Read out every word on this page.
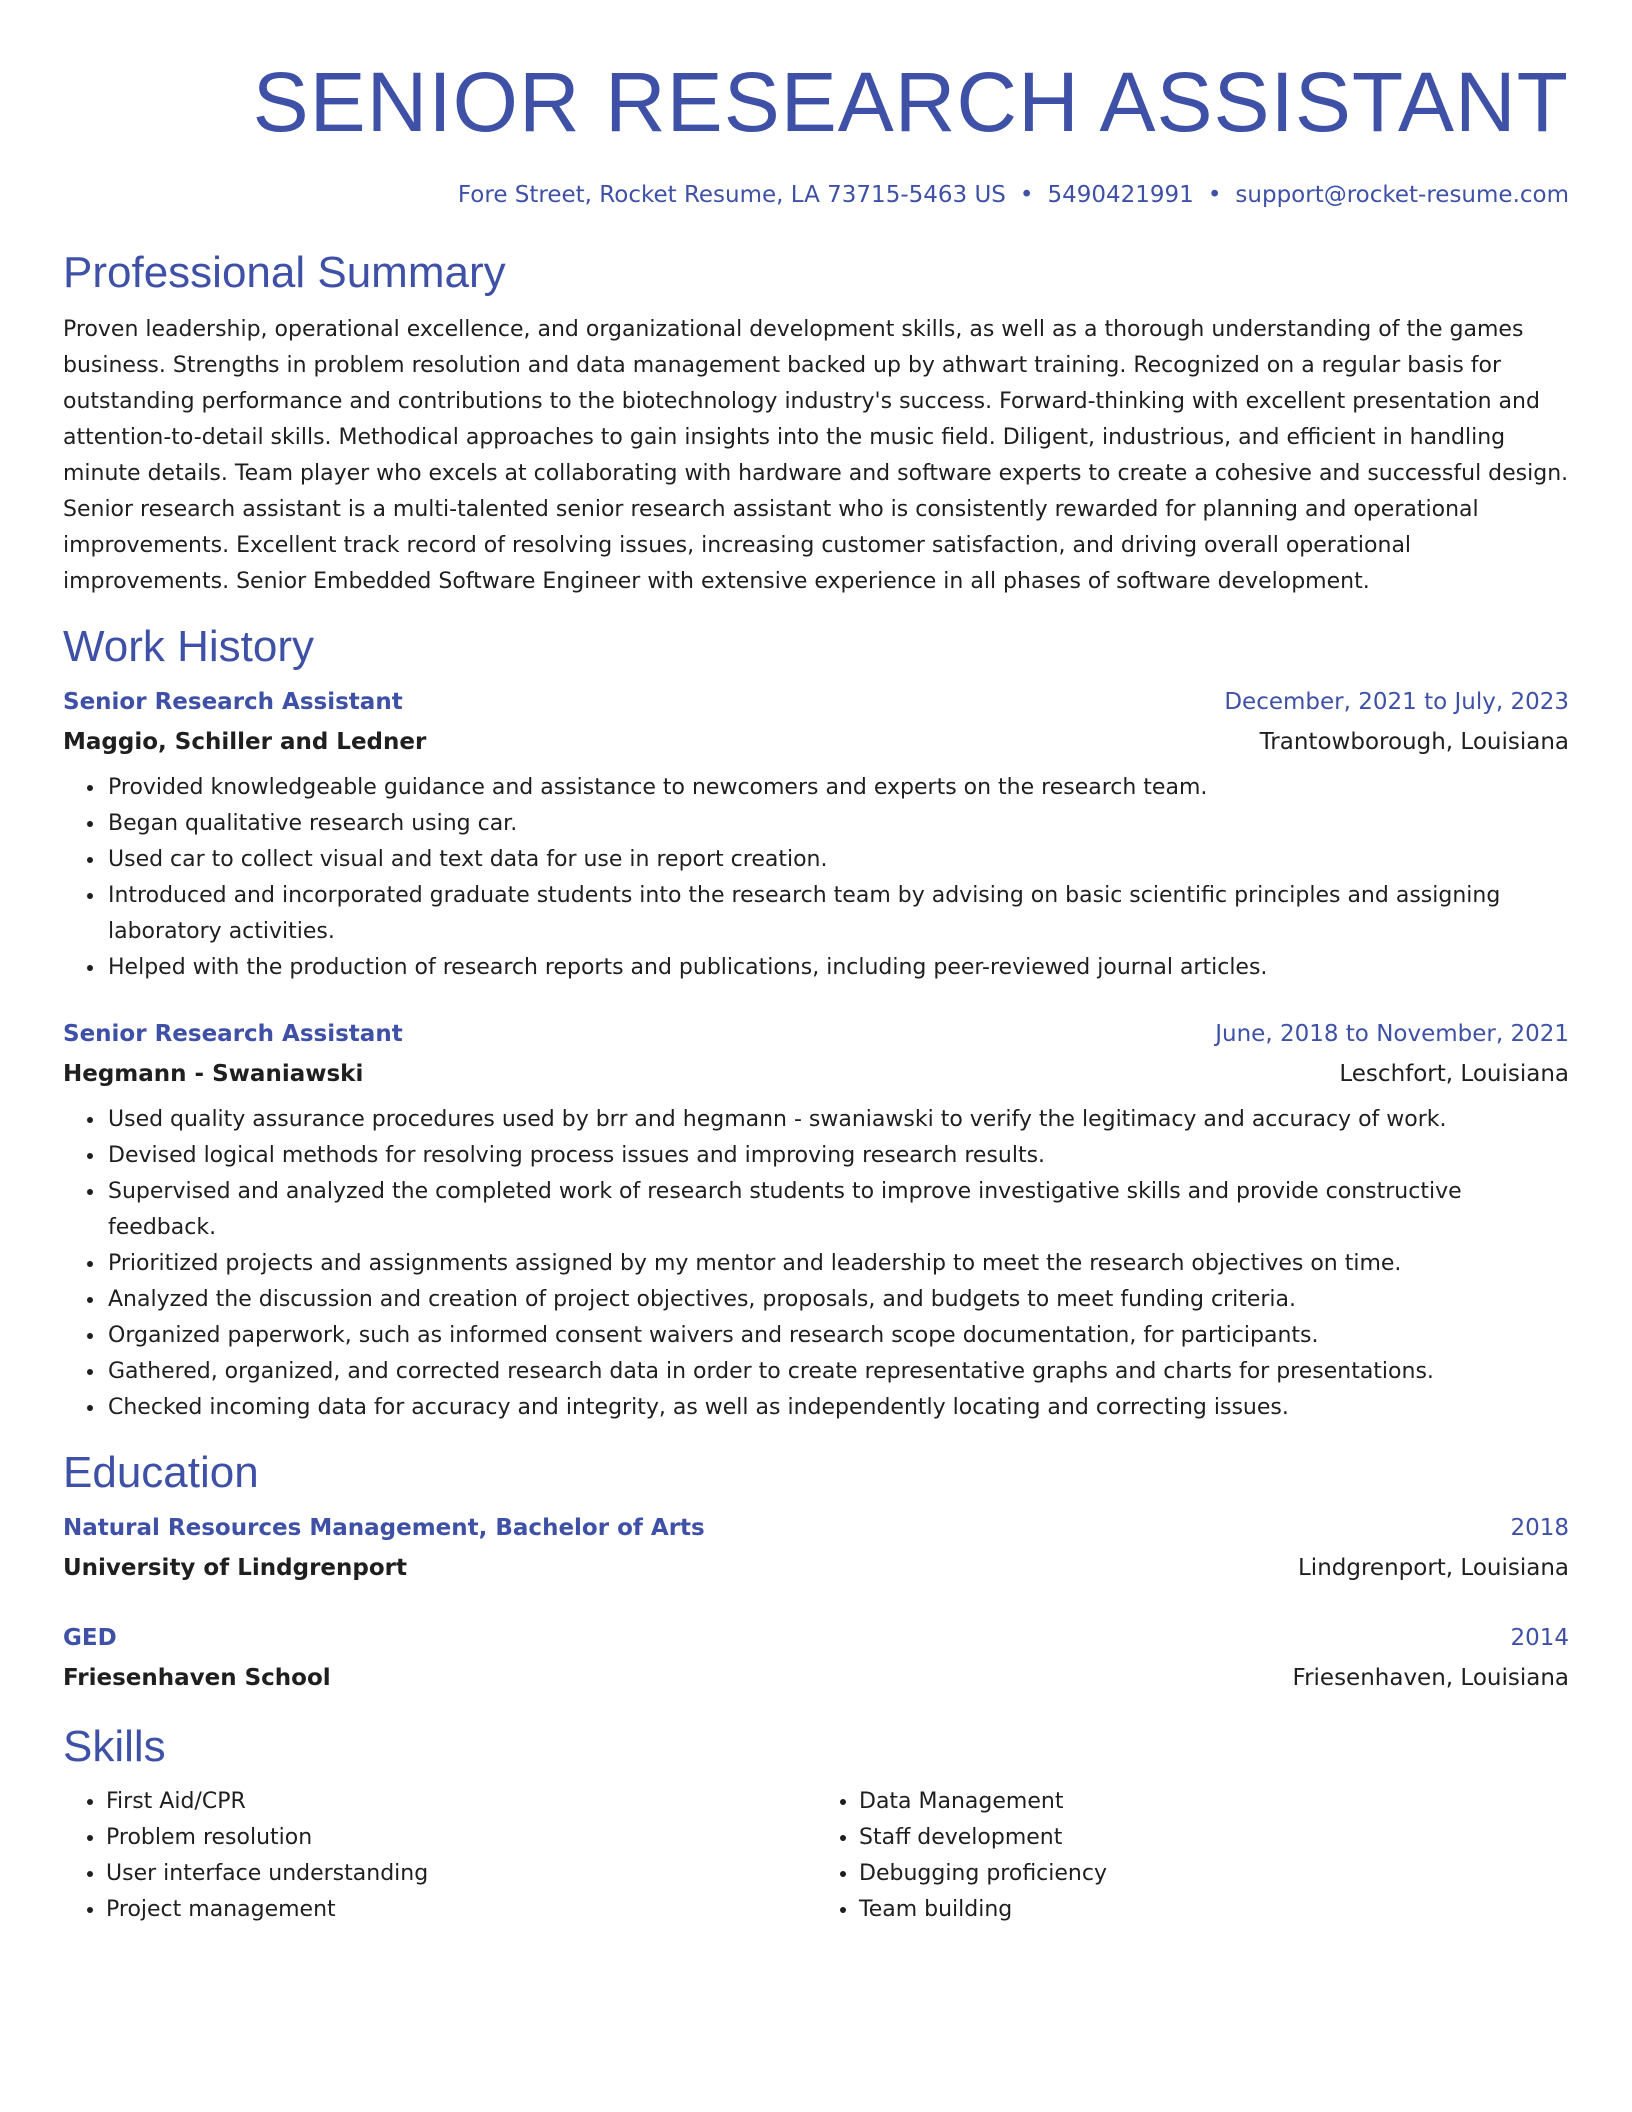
SENIOR RESEARCH ASSISTANT
Fore Street, Rocket Resume, LA 73715-5463 US • 5490421991 • support@rocket-resume.com
Professional Summary
Proven leadership, operational excellence, and organizational development skills, as well as a thorough understanding of the games business. Strengths in problem resolution and data management backed up by athwart training. Recognized on a regular basis for outstanding performance and contributions to the biotechnology industry's success. Forward-thinking with excellent presentation and attention-to-detail skills. Methodical approaches to gain insights into the music field. Diligent, industrious, and efficient in handling minute details. Team player who excels at collaborating with hardware and software experts to create a cohesive and successful design. Senior research assistant is a multi-talented senior research assistant who is consistently rewarded for planning and operational improvements. Excellent track record of resolving issues, increasing customer satisfaction, and driving overall operational improvements. Senior Embedded Software Engineer with extensive experience in all phases of software development.
Work History
Senior Research Assistant	December, 2021 to July, 2023
Maggio, Schiller and Ledner	Trantowborough, Louisiana
• Provided knowledgeable guidance and assistance to newcomers and experts on the research team.
• Began qualitative research using car.
• Used car to collect visual and text data for use in report creation.
• Introduced and incorporated graduate students into the research team by advising on basic scientific principles and assigning laboratory activities.
• Helped with the production of research reports and publications, including peer-reviewed journal articles.
Senior Research Assistant	June, 2018 to November, 2021
Hegmann - Swaniawski	Leschfort, Louisiana
• Used quality assurance procedures used by brr and hegmann - swaniawski to verify the legitimacy and accuracy of work.
• Devised logical methods for resolving process issues and improving research results.
• Supervised and analyzed the completed work of research students to improve investigative skills and provide constructive feedback.
• Prioritized projects and assignments assigned by my mentor and leadership to meet the research objectives on time.
• Analyzed the discussion and creation of project objectives, proposals, and budgets to meet funding criteria.
• Organized paperwork, such as informed consent waivers and research scope documentation, for participants.
• Gathered, organized, and corrected research data in order to create representative graphs and charts for presentations.
• Checked incoming data for accuracy and integrity, as well as independently locating and correcting issues.
Education
Natural Resources Management, Bachelor of Arts	2018
University of Lindgrenport	Lindgrenport, Louisiana
GED	2014
Friesenhaven School	Friesenhaven, Louisiana
Skills
• First Aid/CPR
• Problem resolution
• User interface understanding
• Project management
• Data Management
• Staff development
• Debugging proficiency
• Team building
